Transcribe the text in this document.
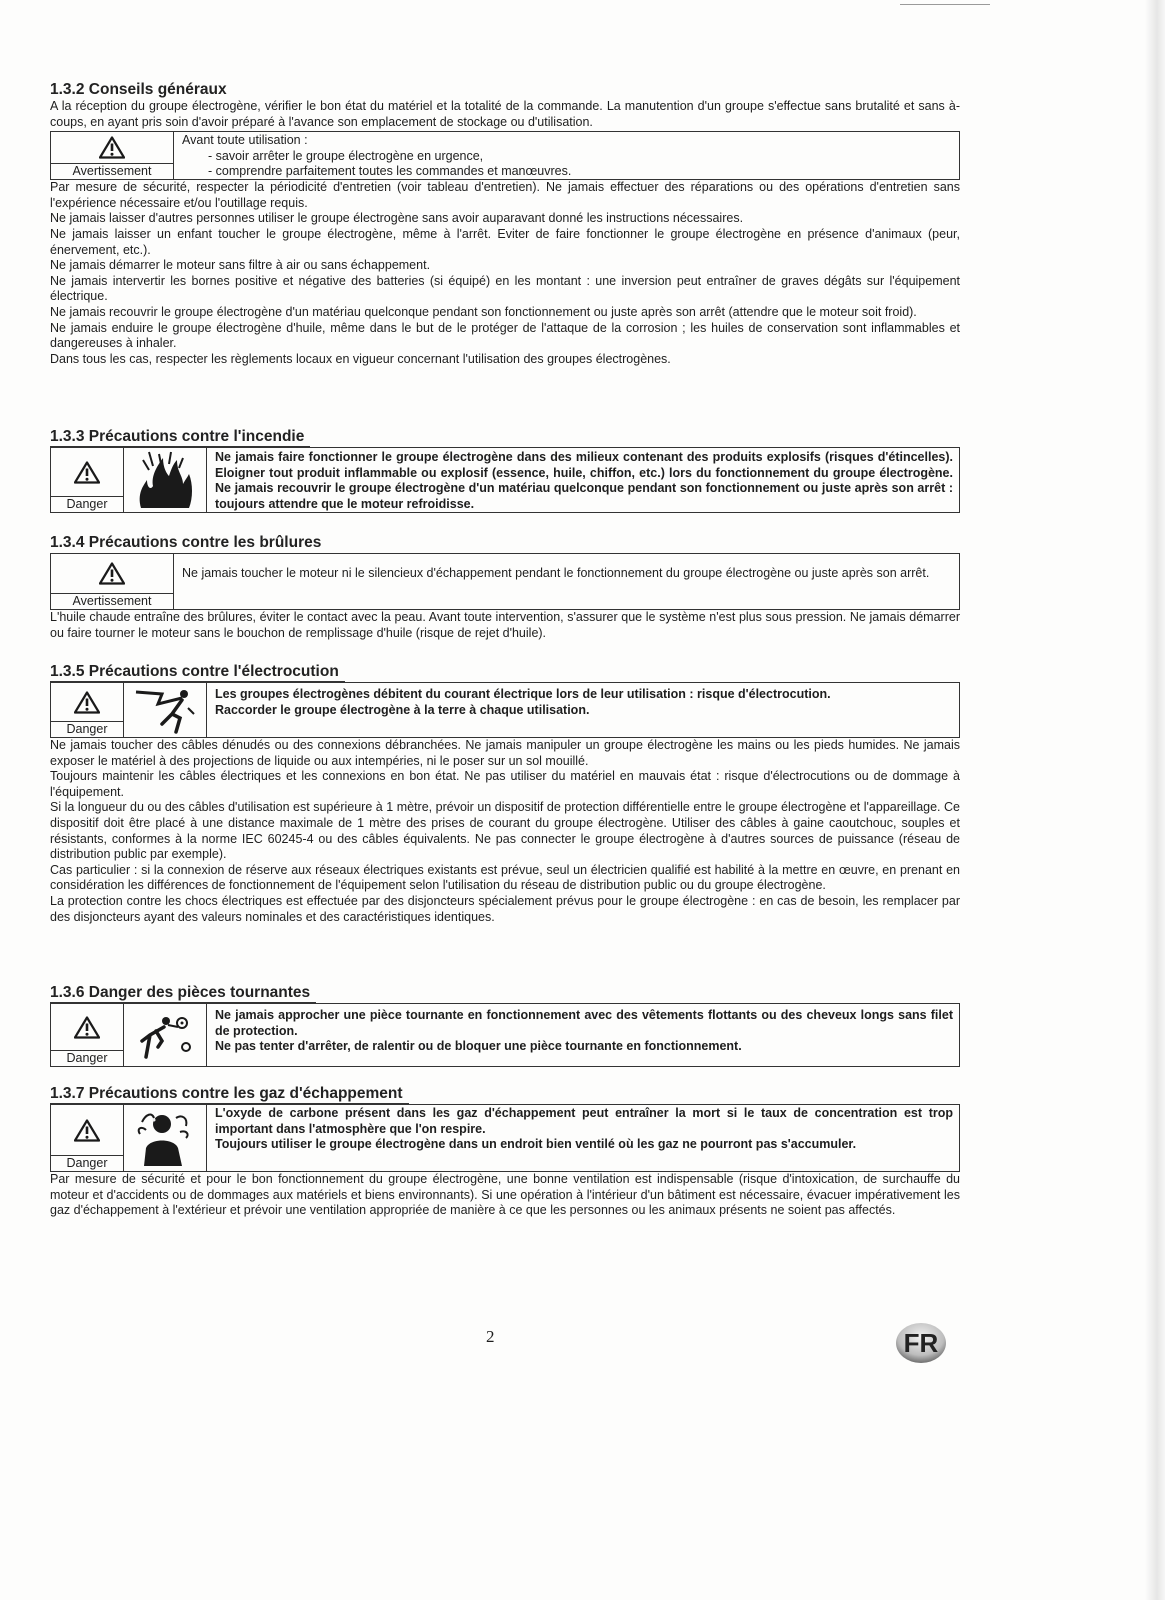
1.3.2 Conseils généraux

A la réception du groupe électrogène, vérifier le bon état du matériel et la totalité de la commande. La manutention d'un groupe s'effectue sans brutalité et sans à-coups, en ayant pris soin d'avoir préparé à l'avance son emplacement de stockage ou d'utilisation.

Avertissement
Avant toute utilisation :
- savoir arrêter le groupe électrogène en urgence,
- comprendre parfaitement toutes les commandes et manœuvres.

Par mesure de sécurité, respecter la périodicité d'entretien (voir tableau d'entretien). Ne jamais effectuer des réparations ou des opérations d'entretien sans l'expérience nécessaire et/ou l'outillage requis.

Ne jamais laisser d'autres personnes utiliser le groupe électrogène sans avoir auparavant donné les instructions nécessaires.

Ne jamais laisser un enfant toucher le groupe électrogène, même à l'arrêt. Eviter de faire fonctionner le groupe électrogène en présence d'animaux (peur, énervement, etc.).

Ne jamais démarrer le moteur sans filtre à air ou sans échappement.

Ne jamais intervertir les bornes positive et négative des batteries (si équipé) en les montant : une inversion peut entraîner de graves dégâts sur l'équipement électrique.

Ne jamais recouvrir le groupe électrogène d'un matériau quelconque pendant son fonctionnement ou juste après son arrêt (attendre que le moteur soit froid).

Ne jamais enduire le groupe électrogène d'huile, même dans le but de le protéger de l'attaque de la corrosion ; les huiles de conservation sont inflammables et dangereuses à inhaler.

Dans tous les cas, respecter les règlements locaux en vigueur concernant l'utilisation des groupes électrogènes.

1.3.3 Précautions contre l'incendie
Danger
Ne jamais faire fonctionner le groupe électrogène dans des milieux contenant des produits explosifs (risques d'étincelles). Eloigner tout produit inflammable ou explosif (essence, huile, chiffon, etc.) lors du fonctionnement du groupe électrogène. Ne jamais recouvrir le groupe électrogène d'un matériau quelconque pendant son fonctionnement ou juste après son arrêt : toujours attendre que le moteur refroidisse.
1.3.4 Précautions contre les brûlures
Avertissement
Ne jamais toucher le moteur ni le silencieux d'échappement pendant le fonctionnement du groupe électrogène ou juste après son arrêt.

L'huile chaude entraîne des brûlures, éviter le contact avec la peau. Avant toute intervention, s'assurer que le système n'est plus sous pression. Ne jamais démarrer ou faire tourner le moteur sans le bouchon de remplissage d'huile (risque de rejet d'huile).

1.3.5 Précautions contre l'électrocution
Danger
Les groupes électrogènes débitent du courant électrique lors de leur utilisation : risque d'électrocution.
Raccorder le groupe électrogène à la terre à chaque utilisation.

Ne jamais toucher des câbles dénudés ou des connexions débranchées. Ne jamais manipuler un groupe électrogène les mains ou les pieds humides. Ne jamais exposer le matériel à des projections de liquide ou aux intempéries, ni le poser sur un sol mouillé.

Toujours maintenir les câbles électriques et les connexions en bon état. Ne pas utiliser du matériel en mauvais état : risque d'électrocutions ou de dommage à l'équipement.

Si la longueur du ou des câbles d'utilisation est supérieure à 1 mètre, prévoir un dispositif de protection différentielle entre le groupe électrogène et l'appareillage. Ce dispositif doit être placé à une distance maximale de 1 mètre des prises de courant du groupe électrogène. Utiliser des câbles à gaine caoutchouc, souples et résistants, conformes à la norme IEC 60245-4 ou des câbles équivalents. Ne pas connecter le groupe électrogène à d'autres sources de puissance (réseau de distribution public par exemple).

Cas particulier : si la connexion de réserve aux réseaux électriques existants est prévue, seul un électricien qualifié est habilité à la mettre en œuvre, en prenant en considération les différences de fonctionnement de l'équipement selon l'utilisation du réseau de distribution public ou du groupe électrogène.

La protection contre les chocs électriques est effectuée par des disjoncteurs spécialement prévus pour le groupe électrogène : en cas de besoin, les remplacer par des disjoncteurs ayant des valeurs nominales et des caractéristiques identiques.

1.3.6 Danger des pièces tournantes
Danger
Ne jamais approcher une pièce tournante en fonctionnement avec des vêtements flottants ou des cheveux longs sans filet de protection.
Ne pas tenter d'arrêter, de ralentir ou de bloquer une pièce tournante en fonctionnement.
1.3.7 Précautions contre les gaz d'échappement
Danger
L'oxyde de carbone présent dans les gaz d'échappement peut entraîner la mort si le taux de concentration est trop important dans l'atmosphère que l'on respire.
Toujours utiliser le groupe électrogène dans un endroit bien ventilé où les gaz ne pourront pas s'accumuler.

Par mesure de sécurité et pour le bon fonctionnement du groupe électrogène, une bonne ventilation est indispensable (risque d'intoxication, de surchauffe du moteur et d'accidents ou de dommages aux matériels et biens environnants). Si une opération à l'intérieur d'un bâtiment est nécessaire, évacuer impérativement les gaz d'échappement à l'extérieur et prévoir une ventilation appropriée de manière à ce que les personnes ou les animaux présents ne soient pas affectés.

2	FR
